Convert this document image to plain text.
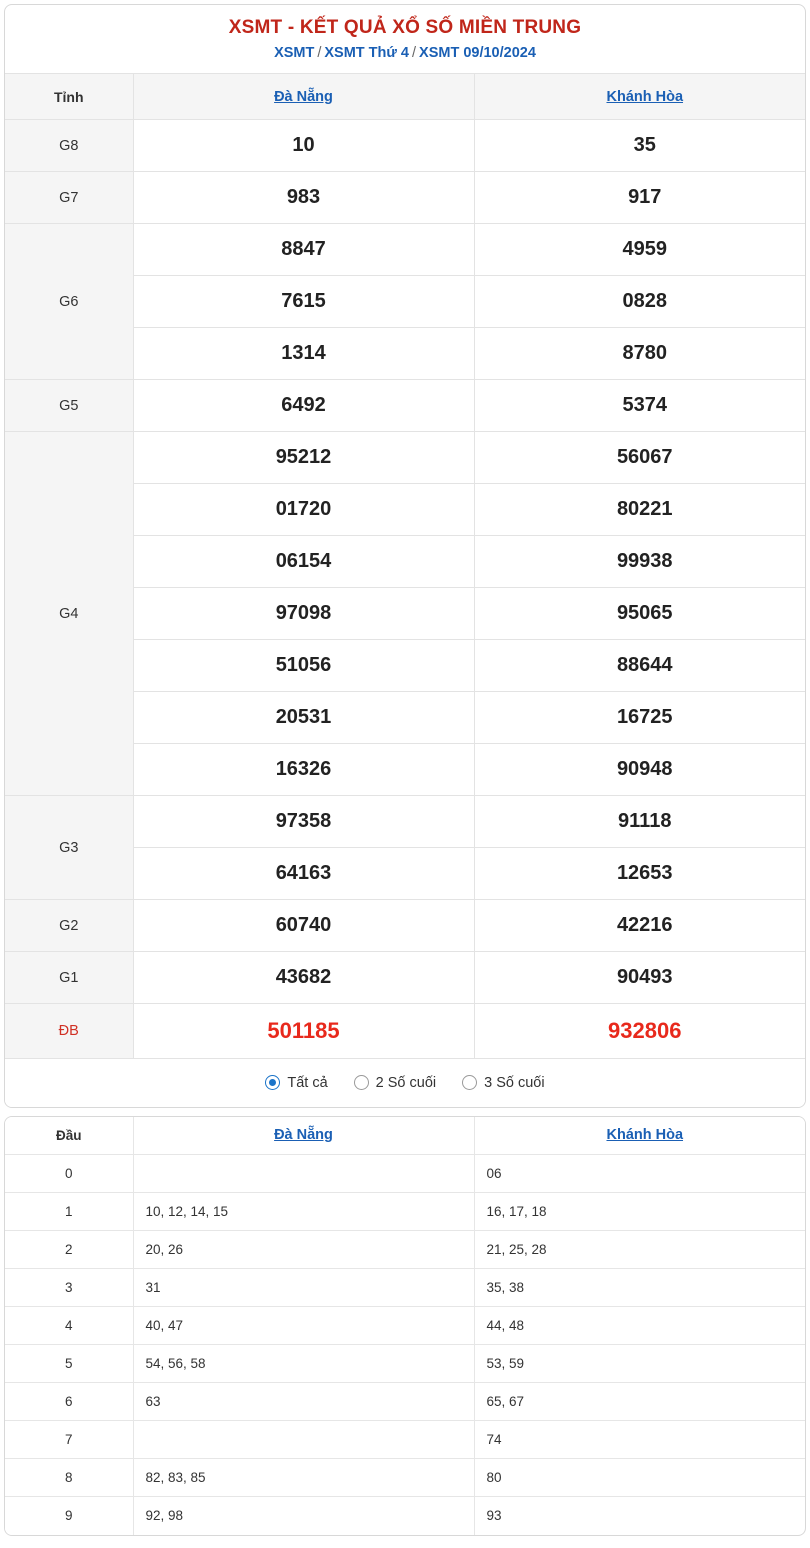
XSMT - KẾT QUẢ XỔ SỐ MIỀN TRUNG
XSMT / XSMT Thứ 4 / XSMT 09/10/2024
Tỉnh	Đà Nẵng	Khánh Hòa
G8	10	35
G7	983	917
G6	8847	4959
	7615	0828
	1314	8780
G5	6492	5374
G4	95212	56067
	01720	80221
	06154	99938
	97098	95065
	51056	88644
	20531	16725
	16326	90948
G3	97358	91118
	64163	12653
G2	60740	42216
G1	43682	90493
ĐB	501185	932806
Tất cả	2 Số cuối	3 Số cuối
Đầu	Đà Nẵng	Khánh Hòa
0		06
1	10, 12, 14, 15	16, 17, 18
2	20, 26	21, 25, 28
3	31	35, 38
4	40, 47	44, 48
5	54, 56, 58	53, 59
6	63	65, 67
7		74
8	82, 83, 85	80
9	92, 98	93
